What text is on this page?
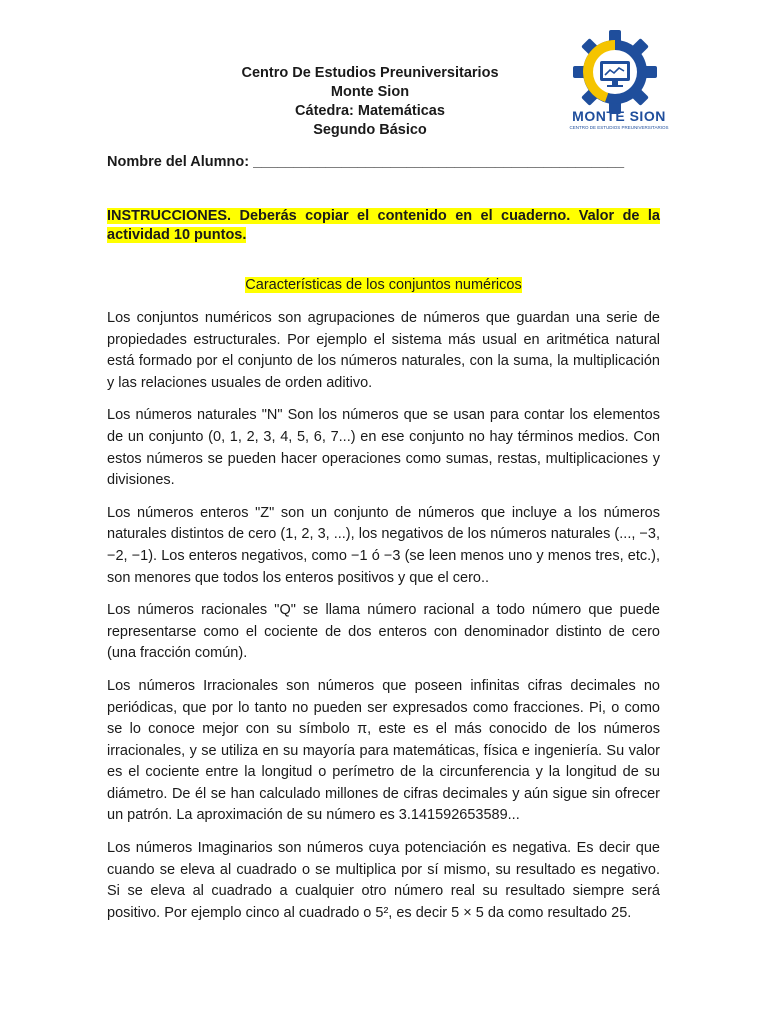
Centro De Estudios Preuniversitarios
Monte Sion
Cátedra: Matemáticas
Segundo Básico
MONTE SION
CENTRO DE ESTUDIOS PREUNIVERSITARIOS
Nombre del Alumno: ______________________________________________
INSTRUCCIONES. Deberás copiar el contenido en el cuaderno. Valor de la actividad 10 puntos.
Características de los conjuntos numéricos

Los conjuntos numéricos son agrupaciones de números que guardan una serie de propiedades estructurales. Por ejemplo el sistema más usual en aritmética natural está formado por el conjunto de los números naturales, con la suma, la multiplicación y las relaciones usuales de orden aditivo.

Los números naturales "N" Son los números que se usan para contar los elementos de un conjunto (0, 1, 2, 3, 4, 5, 6, 7...) en ese conjunto no hay términos medios. Con estos números se pueden hacer operaciones como sumas, restas, multiplicaciones y divisiones.

Los números enteros "Z" son un conjunto de números que incluye a los números naturales distintos de cero (1, 2, 3, ...), los negativos de los números naturales (..., −3, −2, −1). Los enteros negativos, como −1 ó −3 (se leen menos uno y menos tres, etc.), son menores que todos los enteros positivos y que el cero..

Los números racionales "Q" se llama número racional a todo número que puede representarse como el cociente de dos enteros con denominador distinto de cero (una fracción común).

Los números Irracionales son números que poseen infinitas cifras decimales no periódicas, que por lo tanto no pueden ser expresados como fracciones. Pi, o como se lo conoce mejor con su símbolo π, este es el más conocido de los números irracionales, y se utiliza en su mayoría para matemáticas, física e ingeniería. Su valor es el cociente entre la longitud o perímetro de la circunferencia y la longitud de su diámetro. De él se han calculado millones de cifras decimales y aún sigue sin ofrecer un patrón. La aproximación de su número es 3.141592653589...

Los números Imaginarios son números cuya potenciación es negativa. Es decir que cuando se eleva al cuadrado o se multiplica por sí mismo, su resultado es negativo. Si se eleva al cuadrado a cualquier otro número real su resultado siempre será positivo. Por ejemplo cinco al cuadrado o 5², es decir 5 × 5 da como resultado 25.
